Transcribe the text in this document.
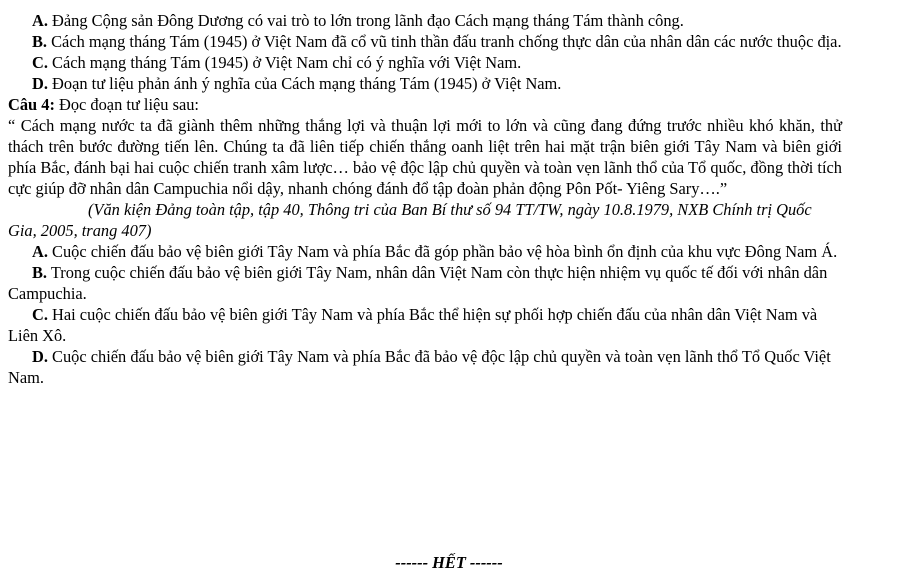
A. Đảng Cộng sản Đông Dương có vai trò to lớn trong lãnh đạo Cách mạng tháng Tám thành công.

B. Cách mạng tháng Tám (1945) ở Việt Nam đã cổ vũ tinh thần đấu tranh chống thực dân của nhân dân các nước thuộc địa.

C. Cách mạng tháng Tám (1945) ở Việt Nam chỉ có ý nghĩa với Việt Nam.

D. Đoạn tư liệu phản ánh ý nghĩa của Cách mạng tháng Tám (1945) ở Việt Nam.

Câu 4: Đọc đoạn tư liệu sau:

“ Cách mạng nước ta đã giành thêm những thắng lợi và thuận lợi mới to lớn và cũng đang đứng trước nhiều khó khăn, thử thách trên bước đường tiến lên. Chúng ta đã liên tiếp chiến thắng oanh liệt trên hai mặt trận biên giới Tây Nam và biên giới phía Bắc, đánh bại hai cuộc chiến tranh xâm lược… bảo vệ độc lập chủ quyền và toàn vẹn lãnh thổ của Tổ quốc, đồng thời tích cực giúp đỡ nhân dân Campuchia nổi dậy, nhanh chóng đánh đổ tập đoàn phản động Pôn Pốt- Yiêng Sary….”

(Văn kiện Đảng toàn tập, tập 40, Thông tri của Ban Bí thư số 94 TT/TW, ngày 10.8.1979, NXB Chính trị Quốc Gia, 2005, trang 407)

A. Cuộc chiến đấu bảo vệ biên giới Tây Nam và phía Bắc đã góp phần bảo vệ hòa bình ổn định của khu vực Đông Nam Á.

B. Trong cuộc chiến đấu bảo vệ biên giới Tây Nam, nhân dân Việt Nam còn thực hiện nhiệm vụ quốc tế đối với nhân dân Campuchia.

C. Hai cuộc chiến đấu bảo vệ biên giới Tây Nam và phía Bắc thể hiện sự phối hợp chiến đấu của nhân dân Việt Nam và Liên Xô.

D. Cuộc chiến đấu bảo vệ biên giới Tây Nam và phía Bắc đã bảo vệ độc lập chủ quyền và toàn vẹn lãnh thổ Tổ Quốc Việt Nam.

------ HẾT ------
